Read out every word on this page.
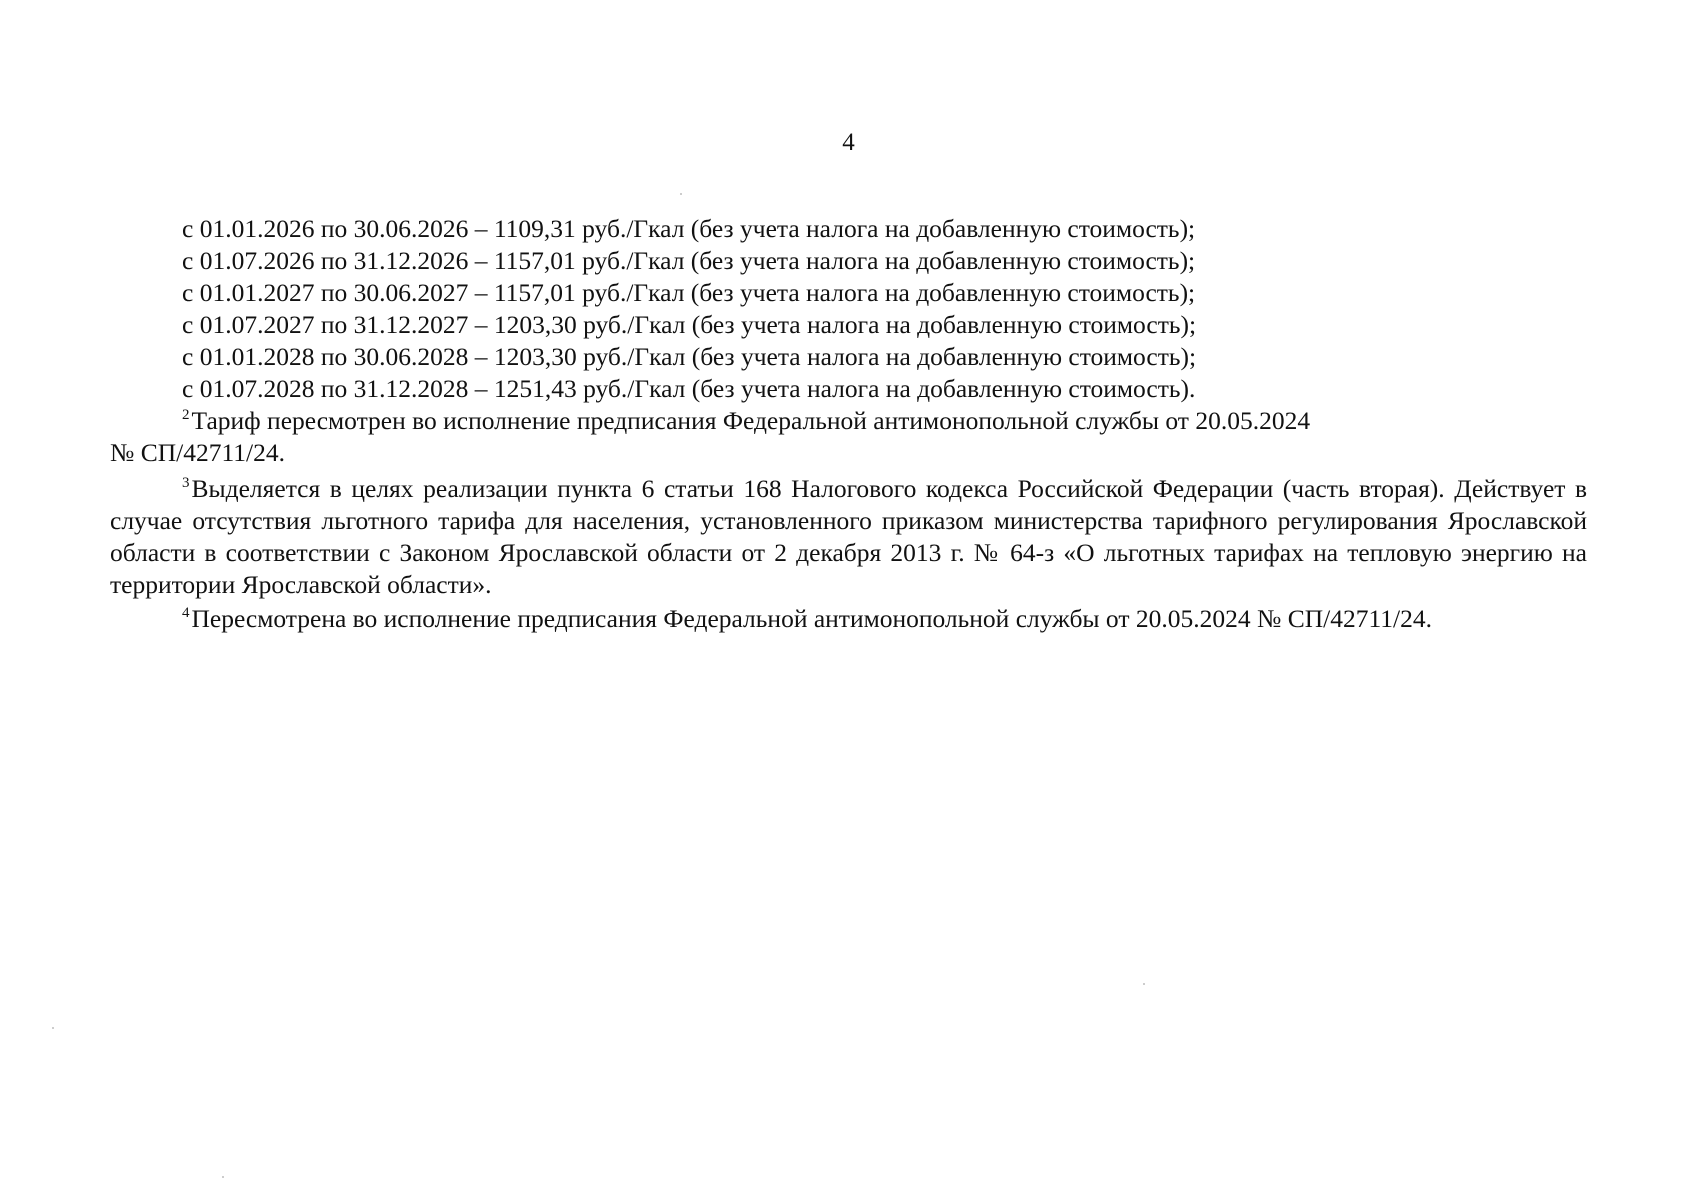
4
с 01.01.2026 по 30.06.2026 – 1109,31 руб./Гкал (без учета налога на добавленную стоимость);
с 01.07.2026 по 31.12.2026 – 1157,01 руб./Гкал (без учета налога на добавленную стоимость);
с 01.01.2027 по 30.06.2027 – 1157,01 руб./Гкал (без учета налога на добавленную стоимость);
с 01.07.2027 по 31.12.2027 – 1203,30 руб./Гкал (без учета налога на добавленную стоимость);
с 01.01.2028 по 30.06.2028 – 1203,30 руб./Гкал (без учета налога на добавленную стоимость);
с 01.07.2028 по 31.12.2028 – 1251,43 руб./Гкал (без учета налога на добавленную стоимость).
$^2$Тариф пересмотрен во исполнение предписания Федеральной антимонопольной службы от 20.05.2024
№ СП/42711/24.
$^3$Выделяется в целях реализации пункта 6 статьи 168 Налогового кодекса Российской Федерации (часть вторая). Действует в случае отсутствия льготного тарифа для населения, установленного приказом министерства тарифного регулирования Ярославской области в соответствии с Законом Ярославской области от 2 декабря 2013 г. № 64-з «О льготных тарифах на тепловую энергию на территории Ярославской области».
$^4$Пересмотрена во исполнение предписания Федеральной антимонопольной службы от 20.05.2024 № СП/42711/24.
